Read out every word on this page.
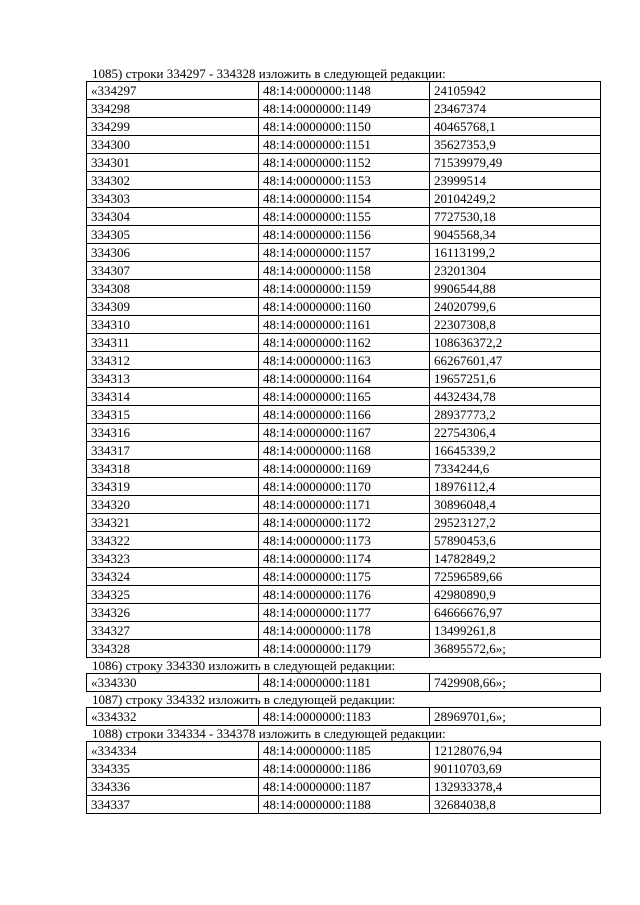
1085) строки 334297 - 334328 изложить в следующей редакции:
«334297	48:14:0000000:1148	24105942
334298	48:14:0000000:1149	23467374
334299	48:14:0000000:1150	40465768,1
334300	48:14:0000000:1151	35627353,9
334301	48:14:0000000:1152	71539979,49
334302	48:14:0000000:1153	23999514
334303	48:14:0000000:1154	20104249,2
334304	48:14:0000000:1155	7727530,18
334305	48:14:0000000:1156	9045568,34
334306	48:14:0000000:1157	16113199,2
334307	48:14:0000000:1158	23201304
334308	48:14:0000000:1159	9906544,88
334309	48:14:0000000:1160	24020799,6
334310	48:14:0000000:1161	22307308,8
334311	48:14:0000000:1162	108636372,2
334312	48:14:0000000:1163	66267601,47
334313	48:14:0000000:1164	19657251,6
334314	48:14:0000000:1165	4432434,78
334315	48:14:0000000:1166	28937773,2
334316	48:14:0000000:1167	22754306,4
334317	48:14:0000000:1168	16645339,2
334318	48:14:0000000:1169	7334244,6
334319	48:14:0000000:1170	18976112,4
334320	48:14:0000000:1171	30896048,4
334321	48:14:0000000:1172	29523127,2
334322	48:14:0000000:1173	57890453,6
334323	48:14:0000000:1174	14782849,2
334324	48:14:0000000:1175	72596589,66
334325	48:14:0000000:1176	42980890,9
334326	48:14:0000000:1177	64666676,97
334327	48:14:0000000:1178	13499261,8
334328	48:14:0000000:1179	36895572,6»;
1086) строку 334330 изложить в следующей редакции:
«334330	48:14:0000000:1181	7429908,66»;
1087) строку 334332 изложить в следующей редакции:
«334332	48:14:0000000:1183	28969701,6»;
1088) строки 334334 - 334378 изложить в следующей редакции:
«334334	48:14:0000000:1185	12128076,94
334335	48:14:0000000:1186	90110703,69
334336	48:14:0000000:1187	132933378,4
334337	48:14:0000000:1188	32684038,8
